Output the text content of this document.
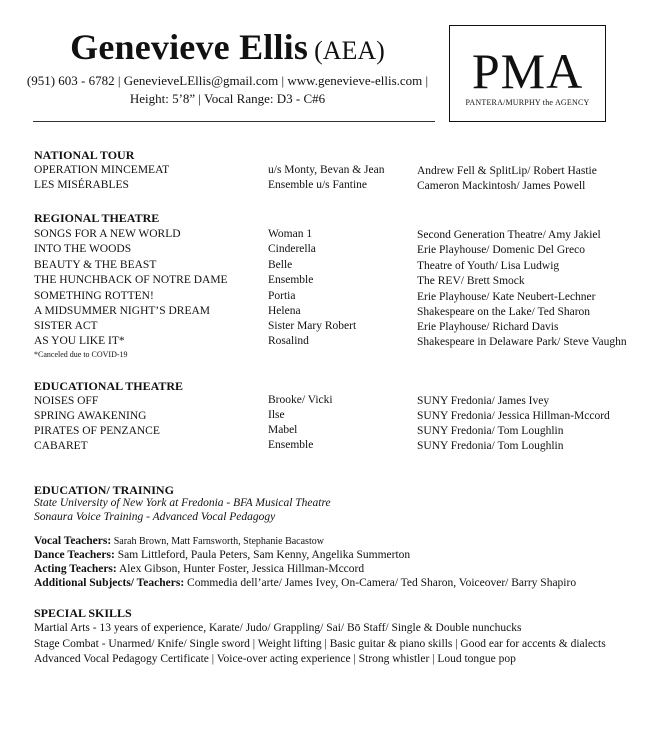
Genevieve Ellis (AEA)
(951) 603 - 6782 | GenevieveLEllis@gmail.com | www.genevieve-ellis.com |
Height: 5’8” | Vocal Range: D3 - C#6	PMA
PANTERA/MURPHY the AGENCY
NATIONAL TOUR
OPERATION MINCEMEAT	u/s Monty, Bevan & Jean	Andrew Fell & SplitLip/ Robert Hastie
LES MISÉRABLES	Ensemble u/s Fantine	Cameron Mackintosh/ James Powell
REGIONAL THEATRE
SONGS FOR A NEW WORLD	Woman 1	Second Generation Theatre/ Amy Jakiel
INTO THE WOODS	Cinderella	Erie Playhouse/ Domenic Del Greco
BEAUTY & THE BEAST	Belle	Theatre of Youth/ Lisa Ludwig
THE HUNCHBACK OF NOTRE DAME	Ensemble	The REV/ Brett Smock
SOMETHING ROTTEN!	Portia	Erie Playhouse/ Kate Neubert-Lechner
A MIDSUMMER NIGHT’S DREAM	Helena	Shakespeare on the Lake/ Ted Sharon
SISTER ACT	Sister Mary Robert	Erie Playhouse/ Richard Davis
AS YOU LIKE IT*	Rosalind	Shakespeare in Delaware Park/ Steve Vaughn
*Canceled due to COVID-19
EDUCATIONAL THEATRE
NOISES OFF	Brooke/ Vicki	SUNY Fredonia/ James Ivey
SPRING AWAKENING	Ilse	SUNY Fredonia/ Jessica Hillman-Mccord
PIRATES OF PENZANCE	Mabel	SUNY Fredonia/ Tom Loughlin
CABARET	Ensemble	SUNY Fredonia/ Tom Loughlin
EDUCATION/ TRAINING
State University of New York at Fredonia - BFA Musical Theatre
Sonaura Voice Training - Advanced Vocal Pedagogy
Vocal Teachers: Sarah Brown, Matt Farnsworth, Stephanie Bacastow
Dance Teachers: Sam Littleford, Paula Peters, Sam Kenny, Angelika Summerton
Acting Teachers: Alex Gibson, Hunter Foster, Jessica Hillman-Mccord
Additional Subjects/ Teachers: Commedia dell’arte/ James Ivey, On-Camera/ Ted Sharon, Voiceover/ Barry Shapiro
SPECIAL SKILLS
Martial Arts - 13 years of experience, Karate/ Judo/ Grappling/ Sai/ Bō Staff/ Single & Double nunchucks
Stage Combat - Unarmed/ Knife/ Single sword | Weight lifting | Basic guitar & piano skills | Good ear for accents & dialects
Advanced Vocal Pedagogy Certificate | Voice-over acting experience | Strong whistler | Loud tongue pop
